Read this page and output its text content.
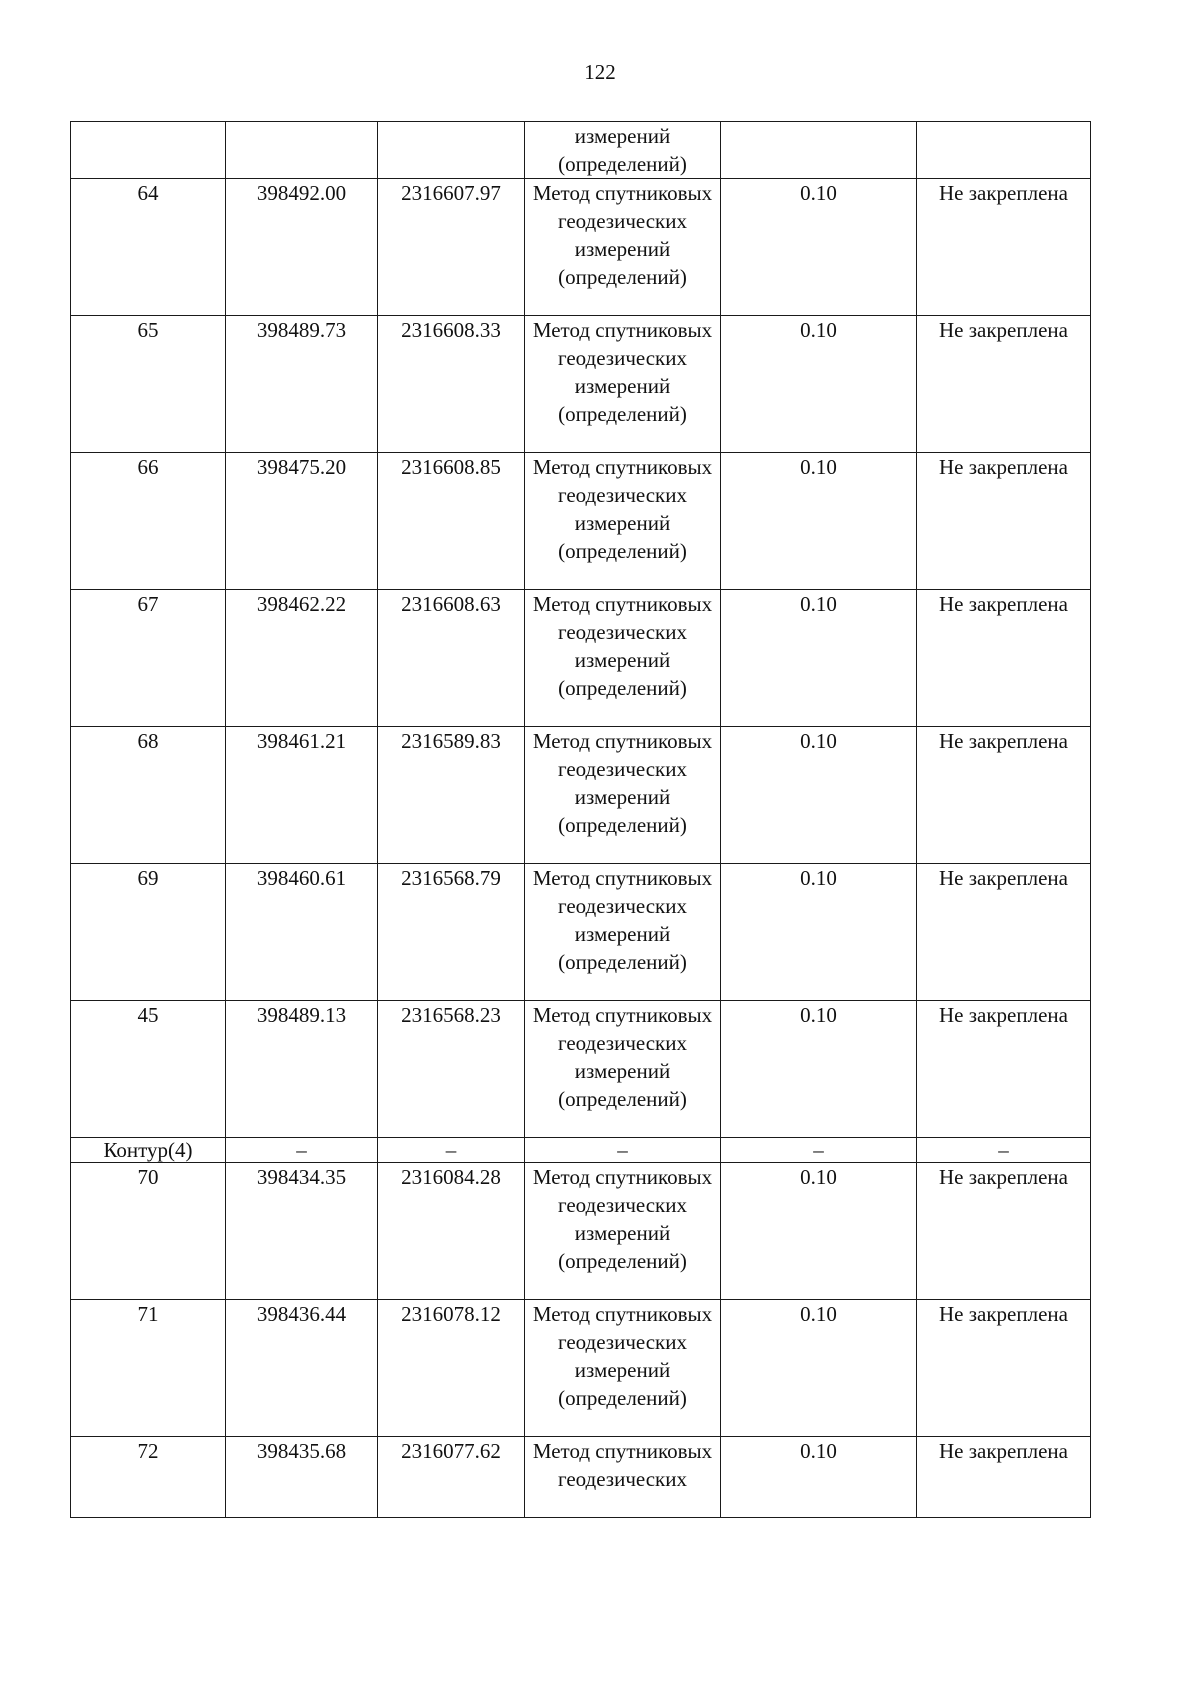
122
			измерений (определений)		
64	398492.00	2316607.97	Метод спутниковых геодезических измерений (определений)	0.10	Не закреплена
65	398489.73	2316608.33	Метод спутниковых геодезических измерений (определений)	0.10	Не закреплена
66	398475.20	2316608.85	Метод спутниковых геодезических измерений (определений)	0.10	Не закреплена
67	398462.22	2316608.63	Метод спутниковых геодезических измерений (определений)	0.10	Не закреплена
68	398461.21	2316589.83	Метод спутниковых геодезических измерений (определений)	0.10	Не закреплена
69	398460.61	2316568.79	Метод спутниковых геодезических измерений (определений)	0.10	Не закреплена
45	398489.13	2316568.23	Метод спутниковых геодезических измерений (определений)	0.10	Не закреплена
Контур(4)	–	–	–	–	–
70	398434.35	2316084.28	Метод спутниковых геодезических измерений (определений)	0.10	Не закреплена
71	398436.44	2316078.12	Метод спутниковых геодезических измерений (определений)	0.10	Не закреплена
72	398435.68	2316077.62	Метод спутниковых геодезических	0.10	Не закреплена
